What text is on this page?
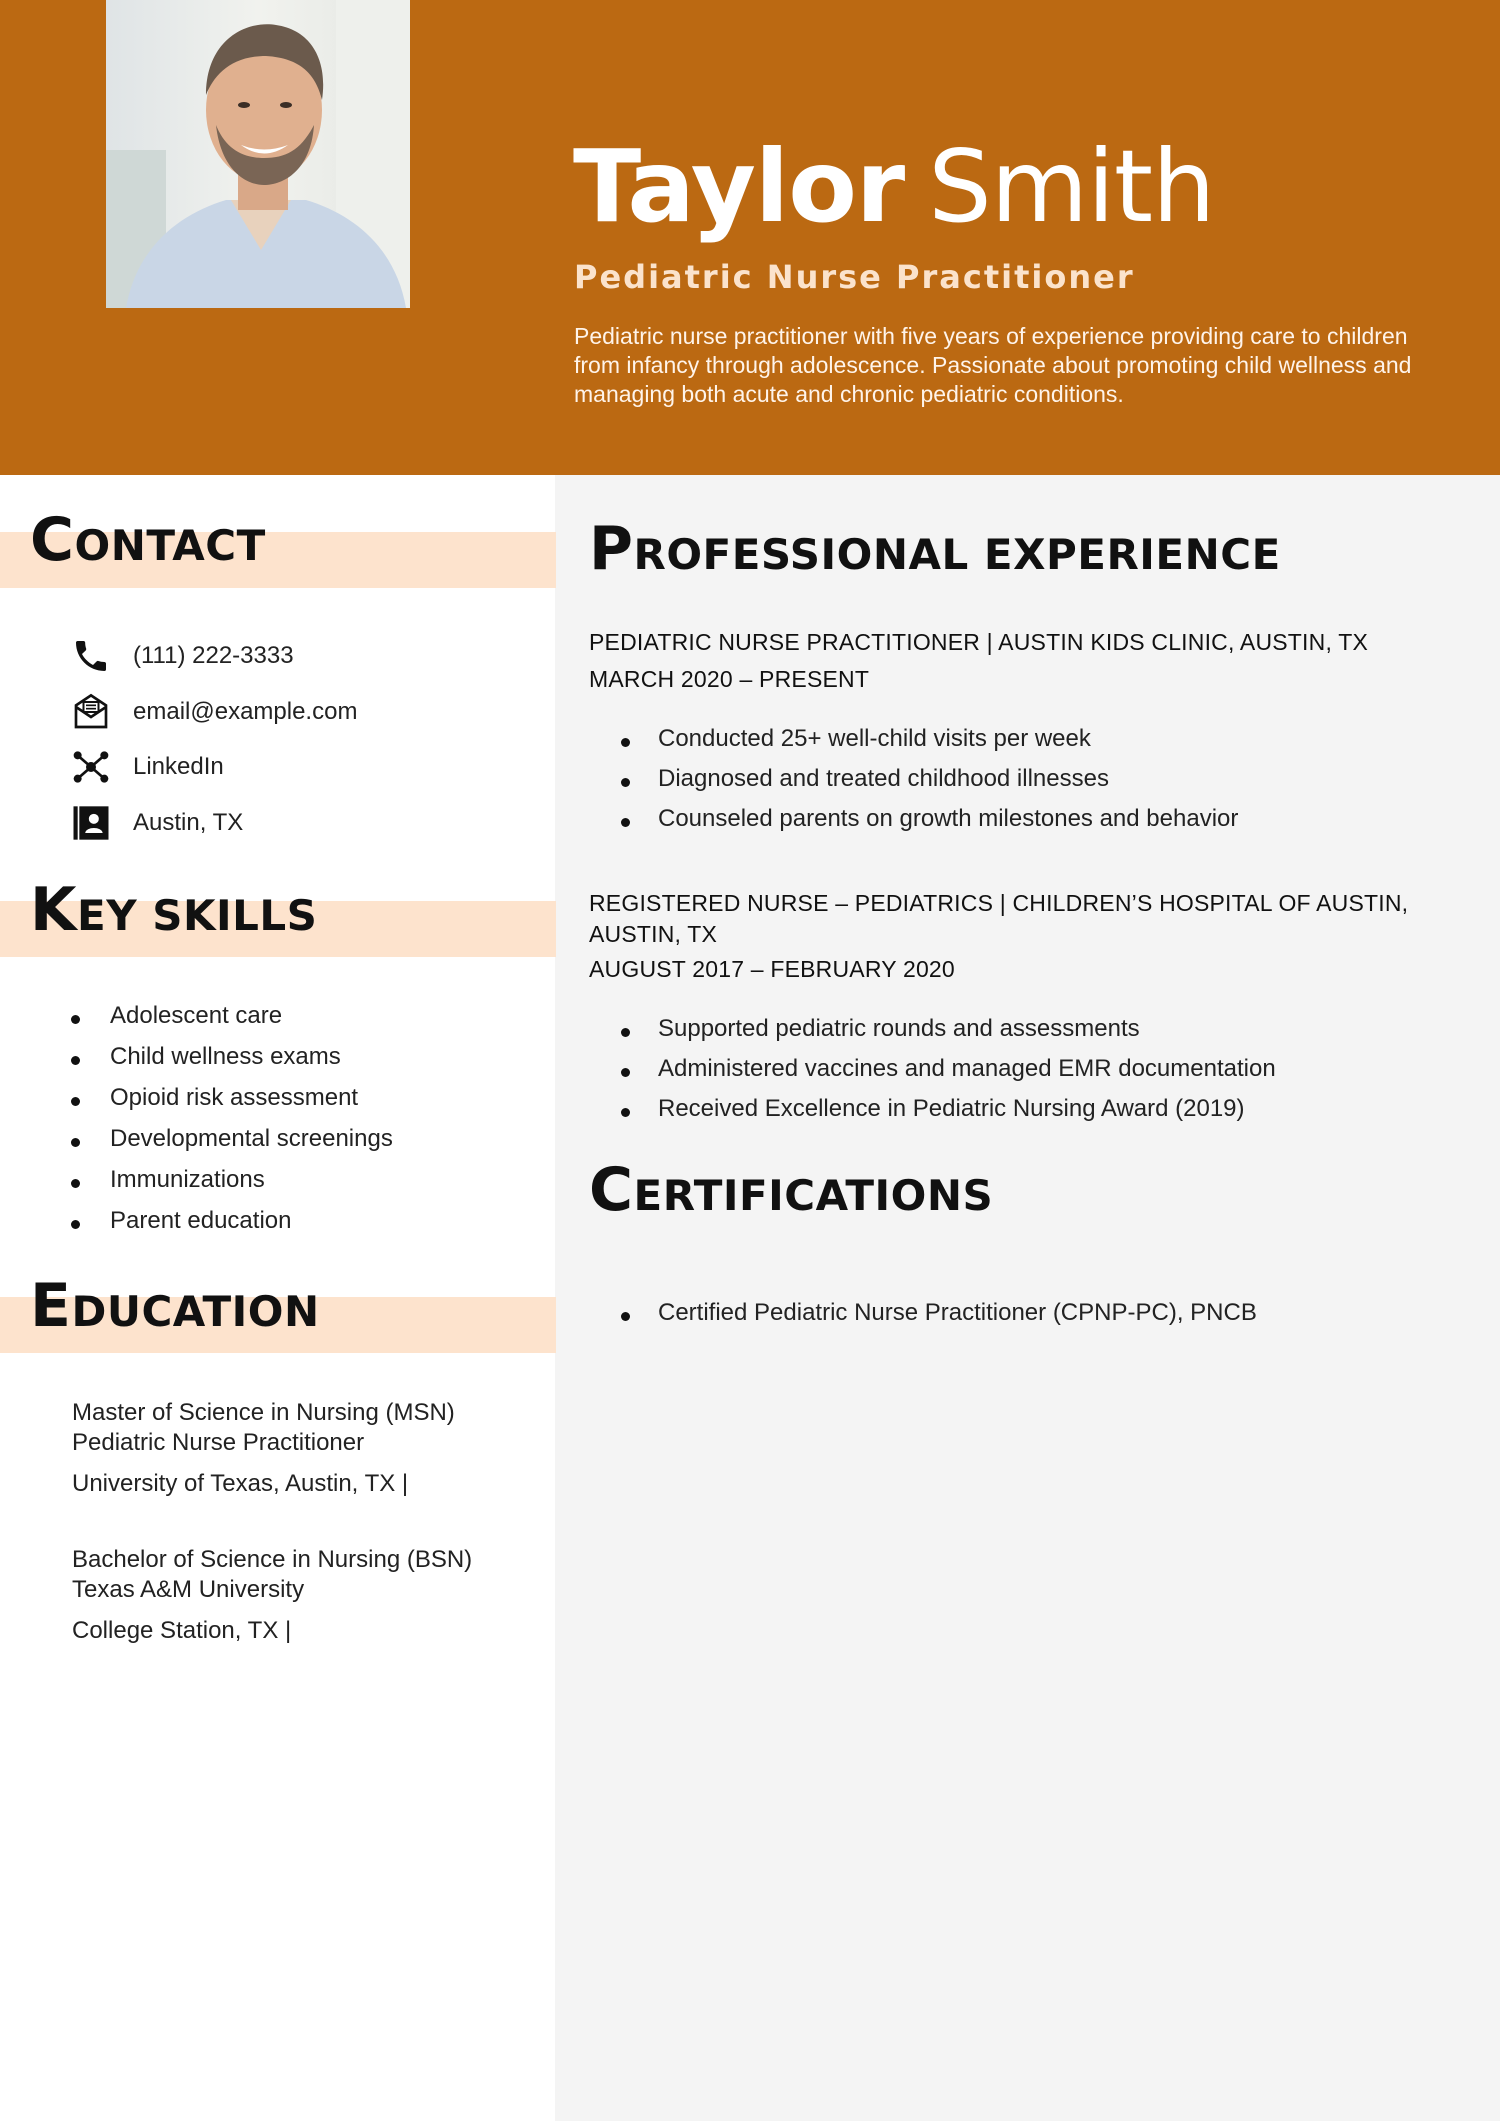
Taylor Smith
Pediatric Nurse Practitioner
Pediatric nurse practitioner with five years of experience providing care to children from infancy through adolescence. Passionate about promoting child wellness and managing both acute and chronic pediatric conditions.
CONTACT
(111) 222-3333
email@example.com
LinkedIn
Austin, TX
KEY SKILLS
Adolescent care
Child wellness exams
Opioid risk assessment
Developmental screenings
Immunizations
Parent education
EDUCATION
Master of Science in Nursing (MSN)
Pediatric Nurse Practitioner
University of Texas, Austin, TX |
Bachelor of Science in Nursing (BSN)
Texas A&M University
College Station, TX |
PROFESSIONAL EXPERIENCE
PEDIATRIC NURSE PRACTITIONER | AUSTIN KIDS CLINIC, AUSTIN, TX
MARCH 2020 – PRESENT
Conducted 25+ well-child visits per week
Diagnosed and treated childhood illnesses
Counseled parents on growth milestones and behavior
REGISTERED NURSE – PEDIATRICS | CHILDREN’S HOSPITAL OF AUSTIN, AUSTIN, TX
AUGUST 2017 – FEBRUARY 2020
Supported pediatric rounds and assessments
Administered vaccines and managed EMR documentation
Received Excellence in Pediatric Nursing Award (2019)
CERTIFICATIONS
Certified Pediatric Nurse Practitioner (CPNP-PC), PNCB
